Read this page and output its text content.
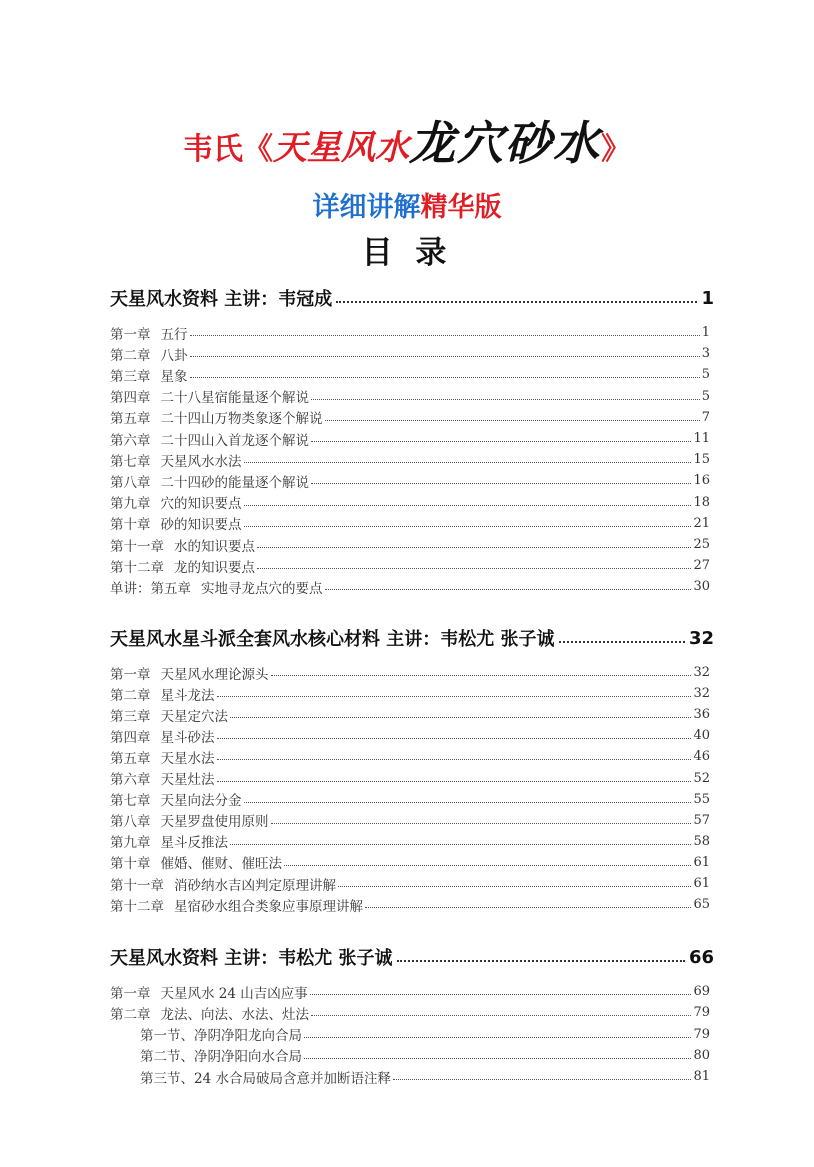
韦氏《天星风水龙穴砂水》
详细讲解精华版
目 录
天星风水资料 主讲：韦冠成	1
第一章 五行	1
第二章 八卦	3
第三章 星象	5
第四章 二十八星宿能量逐个解说	5
第五章 二十四山万物类象逐个解说	7
第六章 二十四山入首龙逐个解说	11
第七章 天星风水水法	15
第八章 二十四砂的能量逐个解说	16
第九章 穴的知识要点	18
第十章 砂的知识要点	21
第十一章 水的知识要点	25
第十二章 龙的知识要点	27
单讲：第五章 实地寻龙点穴的要点	30
天星风水星斗派全套风水核心材料 主讲：韦松尤 张子诚	32
第一章 天星风水理论源头	32
第二章 星斗龙法	32
第三章 天星定穴法	36
第四章 星斗砂法	40
第五章 天星水法	46
第六章 天星灶法	52
第七章 天星向法分金	55
第八章 天星罗盘使用原则	57
第九章 星斗反推法	58
第十章 催婚、催财、催旺法	61
第十一章 消砂纳水吉凶判定原理讲解	61
第十二章 星宿砂水组合类象应事原理讲解	65
天星风水资料 主讲：韦松尤 张子诚	66
第一章 天星风水 24 山吉凶应事	69
第二章 龙法、向法、水法、灶法	79
第一节、净阴净阳龙向合局	79
第二节、净阴净阳向水合局	80
第三节、24 水合局破局含意并加断语注释	81
